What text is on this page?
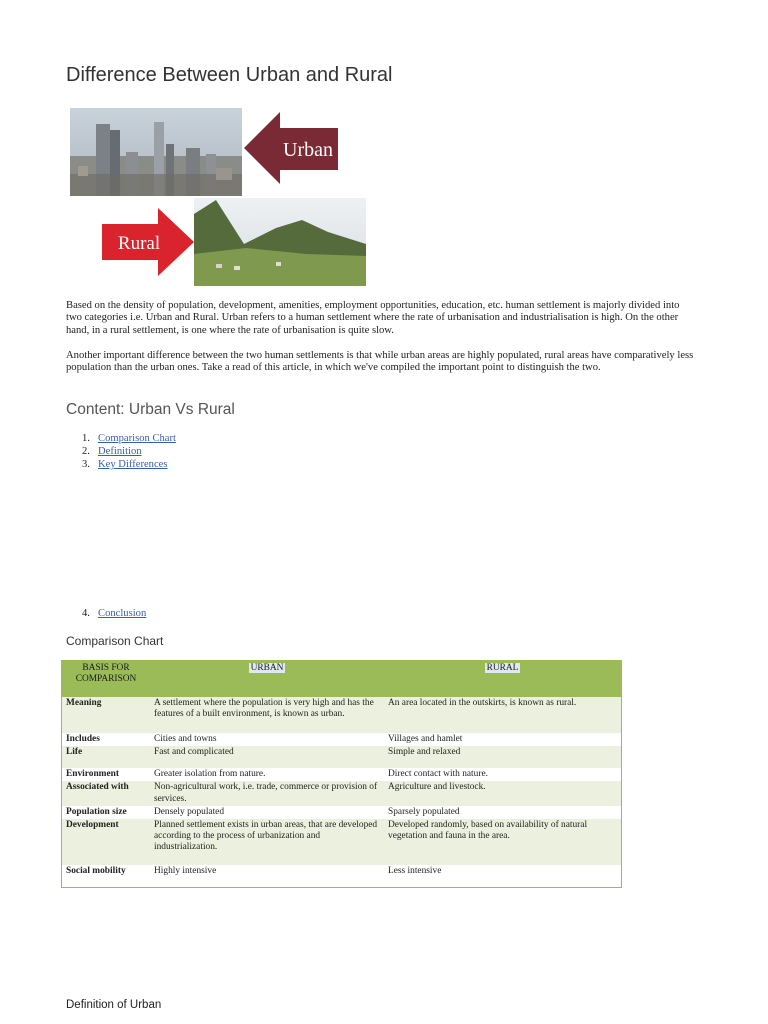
Difference Between Urban and Rural
Urban
Rural

Based on the density of population, development, amenities, employment opportunities, education, etc. human settlement is majorly divided into two categories i.e. Urban and Rural. Urban refers to a human settlement where the rate of urbanisation and industrialisation is high. On the other hand, in a rural settlement, is one where the rate of urbanisation is quite slow.

Another important difference between the two human settlements is that while urban areas are highly populated, rural areas have comparatively less population than the urban ones. Take a read of this article, in which we've compiled the important point to distinguish the two.

Content: Urban Vs Rural
1. Comparison Chart
2. Definition
3. Key Differences
4. Conclusion
Comparison Chart
BASIS FOR COMPARISON	URBAN	RURAL
Meaning	A settlement where the population is very high and has the features of a built environment, is known as urban.	An area located in the outskirts, is known as rural.
Includes	Cities and towns	Villages and hamlet
Life	Fast and complicated	Simple and relaxed
Environment	Greater isolation from nature.	Direct contact with nature.
Associated with	Non-agricultural work, i.e. trade, commerce or provision of services.	Agriculture and livestock.
Population size	Densely populated	Sparsely populated
Development	Planned settlement exists in urban areas, that are developed according to the process of urbanization and industrialization.	Developed randomly, based on availability of natural vegetation and fauna in the area.
Social mobility	Highly intensive	Less intensive
Definition of Urban
